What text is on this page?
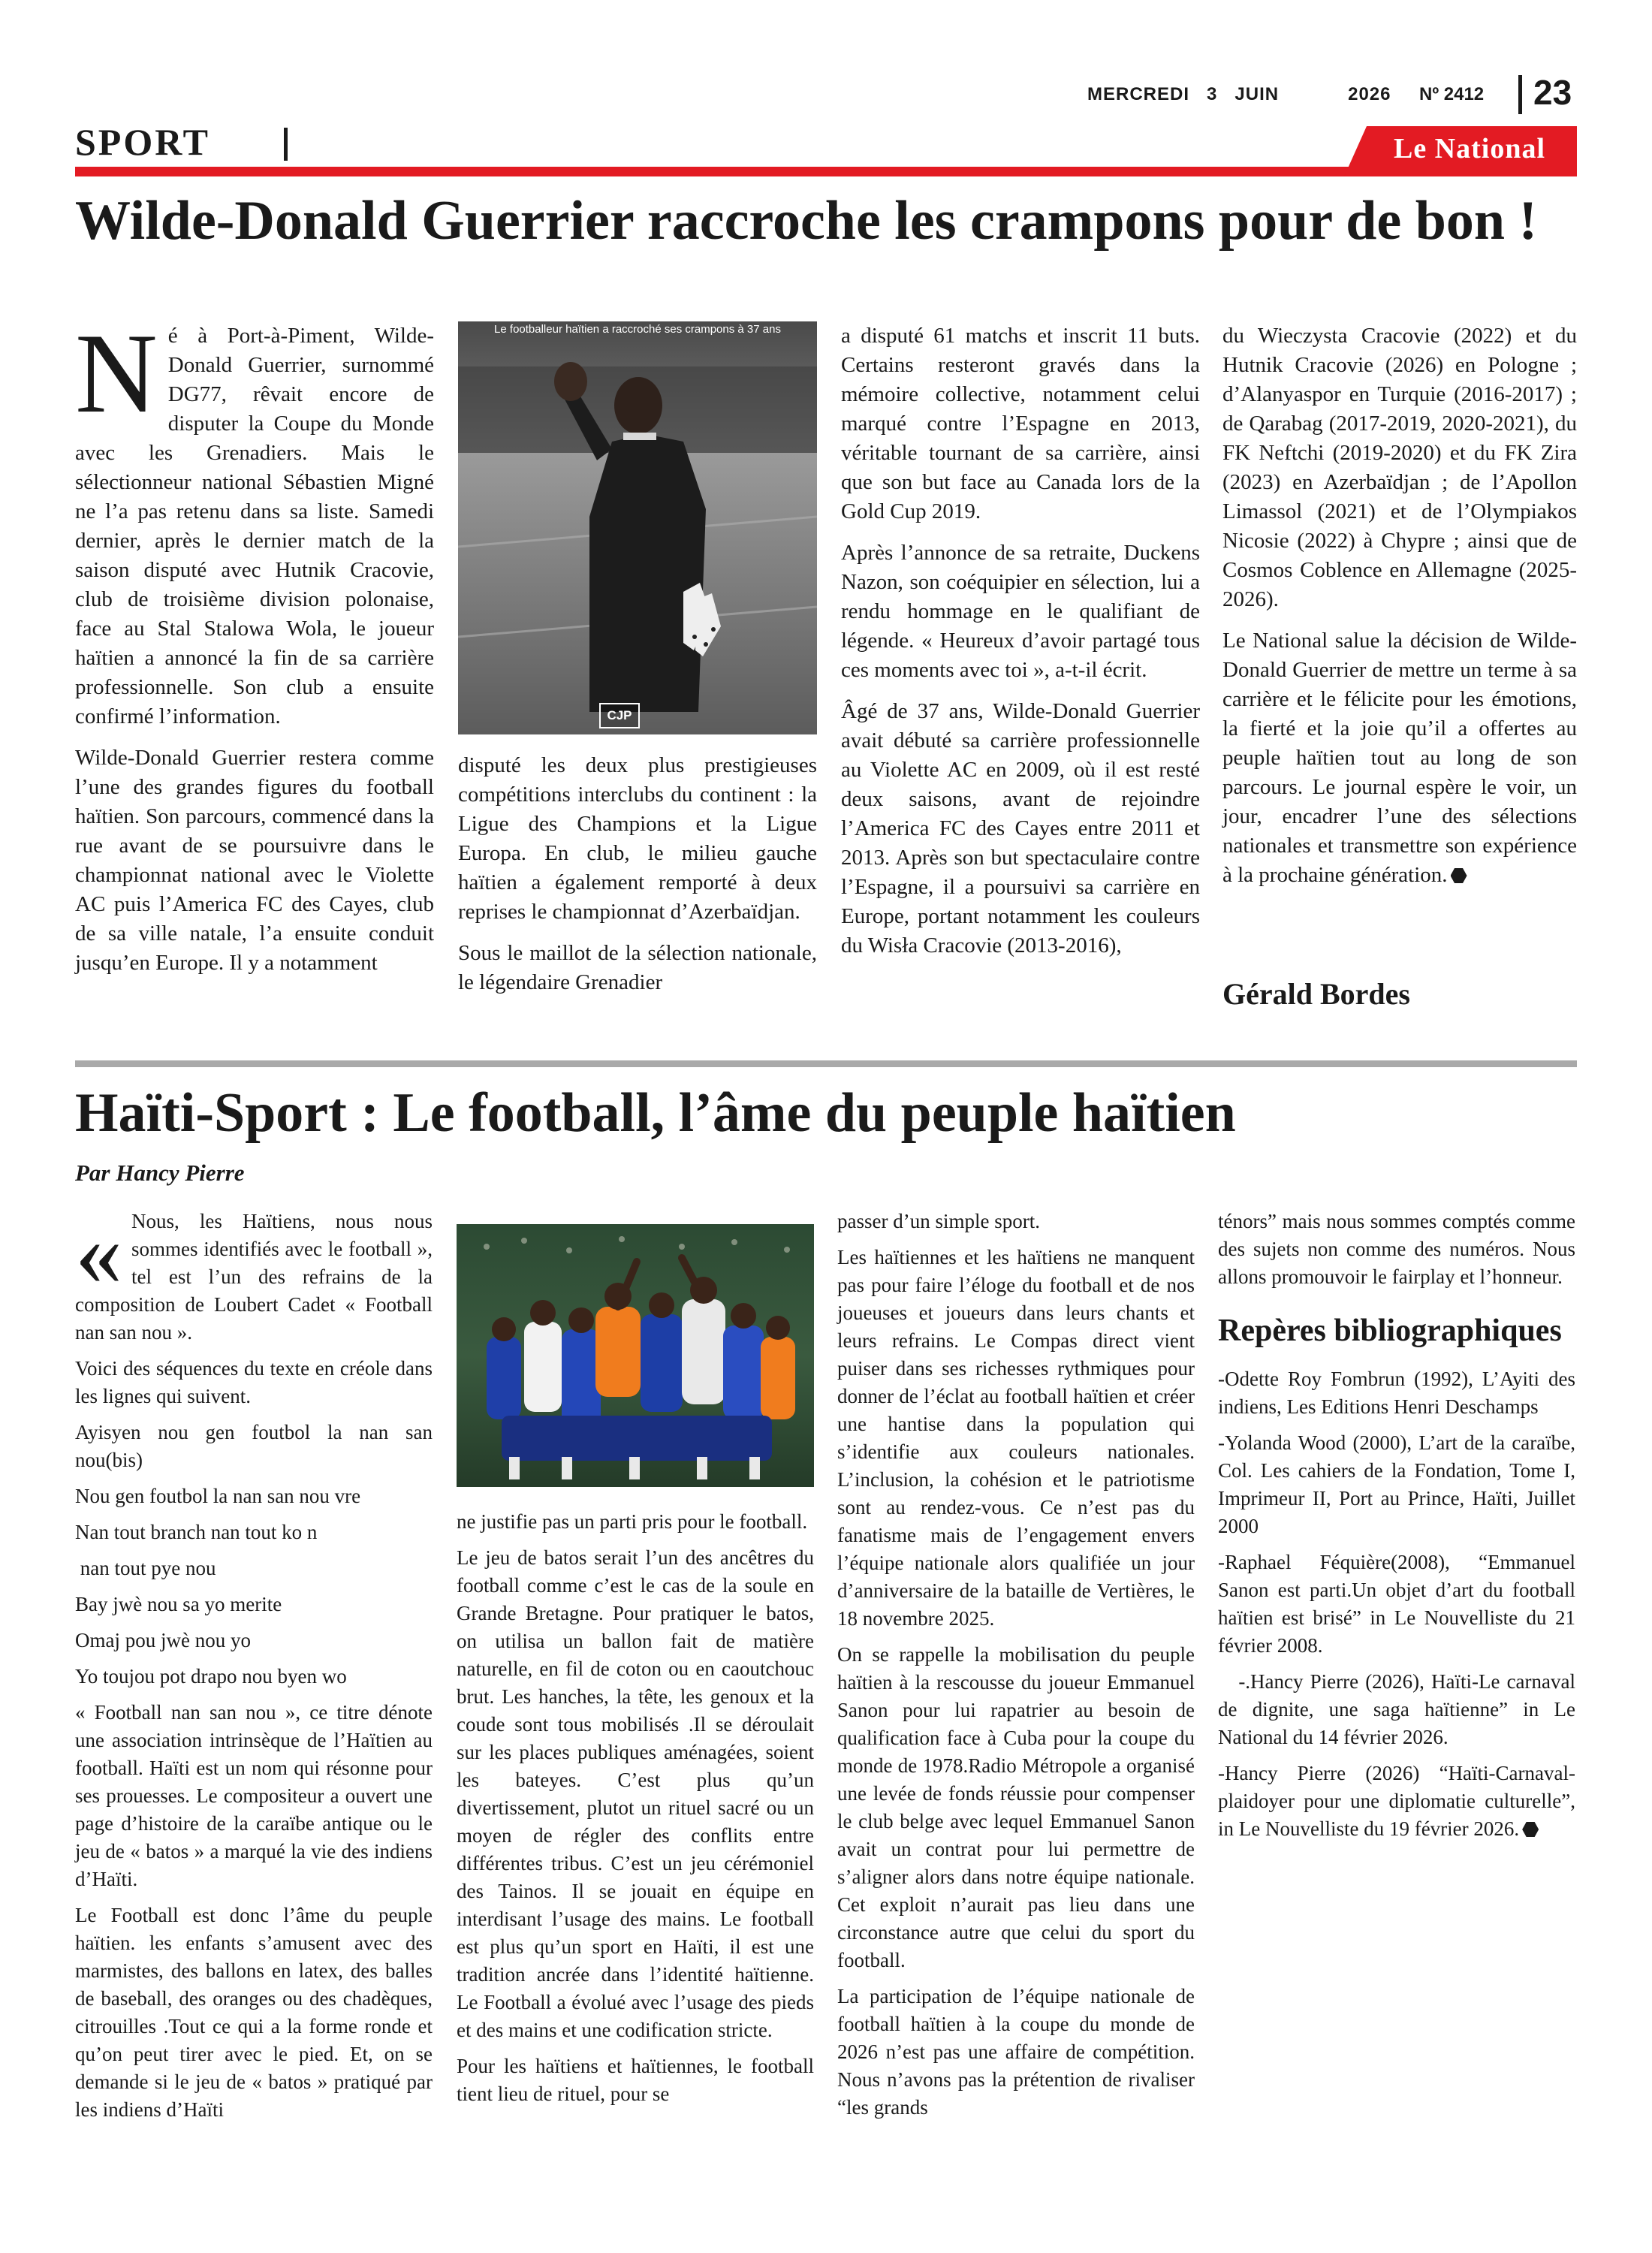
MERCREDI 3 JUIN	2026 Nº 2412 23
SPORT	Le National
Wilde-Donald Guerrier raccroche les crampons pour de bon !

Né à Port-à-Piment, Wilde-Donald Guerrier, surnommé DG77, rêvait encore de disputer la Coupe du Monde avec les Grenadiers. Mais le sélectionneur national Sébastien Migné ne l’a pas retenu dans sa liste. Samedi dernier, après le dernier match de la saison disputé avec Hutnik Cracovie, club de troisième division polonaise, face au Stal Stalowa Wola, le joueur haïtien a annoncé la fin de sa carrière professionnelle. Son club a ensuite confirmé l’information.

Wilde-Donald Guerrier restera comme l’une des grandes figures du football haïtien. Son parcours, commencé dans la rue avant de se poursuivre dans le championnat national avec le Violette AC puis l’America FC des Cayes, club de sa ville natale, l’a ensuite conduit jusqu’en Europe. Il y a notamment

Le footballeur haïtien a raccroché ses crampons à 37 ans
CJP

disputé les deux plus prestigieuses compétitions interclubs du continent : la Ligue des Champions et la Ligue Europa. En club, le milieu gauche haïtien a également remporté à deux reprises le championnat d’Azerbaïdjan.

Sous le maillot de la sélection nationale, le légendaire Grenadier

a disputé 61 matchs et inscrit 11 buts. Certains resteront gravés dans la mémoire collective, notamment celui marqué contre l’Espagne en 2013, véritable tournant de sa carrière, ainsi que son but face au Canada lors de la Gold Cup 2019.

Après l’annonce de sa retraite, Duckens Nazon, son coéquipier en sélection, lui a rendu hommage en le qualifiant de légende. « Heureux d’avoir partagé tous ces moments avec toi », a-t-il écrit.

Âgé de 37 ans, Wilde-Donald Guerrier avait débuté sa carrière professionnelle au Violette AC en 2009, où il est resté deux saisons, avant de rejoindre l’America FC des Cayes entre 2011 et 2013. Après son but spectaculaire contre l’Espagne, il a poursuivi sa carrière en Europe, portant notamment les couleurs du Wisła Cracovie (2013-2016),

du Wieczysta Cracovie (2022) et du Hutnik Cracovie (2026) en Pologne ; d’Alanyaspor en Turquie (2016-2017) ; de Qarabag (2017-2019, 2020-2021), du FK Neftchi (2019-2020) et du FK Zira (2023) en Azerbaïdjan ; de l’Apollon Limassol (2021) et de l’Olympiakos Nicosie (2022) à Chypre ; ainsi que de Cosmos Coblence en Allemagne (2025-2026).

Le National salue la décision de Wilde-Donald Guerrier de mettre un terme à sa carrière et le félicite pour les émotions, la fierté et la joie qu’il a offertes au peuple haïtien tout au long de son parcours. Le journal espère le voir, un jour, encadrer l’une des sélections nationales et transmettre son expérience à la prochaine génération.

Gérald Bordes
Haïti-Sport : Le football, l’âme du peuple haïtien
Par Hancy Pierre

« Nous, les Haïtiens, nous nous sommes identifiés avec le football », tel est l’un des refrains de la composition de Loubert Cadet « Football nan san nou ».

Voici des séquences du texte en créole dans les lignes qui suivent.

Ayisyen nou gen foutbol la nan san nou(bis)

Nou gen foutbol la nan san nou vre

Nan tout branch nan tout ko n

nan tout pye nou

Bay jwè nou sa yo merite

Omaj pou jwè nou yo

Yo toujou pot drapo nou byen wo

« Football nan san nou », ce titre dénote une association intrinsèque de l’Haïtien au football. Haïti est un nom qui résonne pour ses prouesses. Le compositeur a ouvert une page d’histoire de la caraïbe antique ou le jeu de « batos » a marqué la vie des indiens d’Haïti.

Le Football est donc l’âme du peuple haïtien. les enfants s’amusent avec des marmistes, des ballons en latex, des balles de baseball, des oranges ou des chadèques, citrouilles .Tout ce qui a la forme ronde et qu’on peut tirer avec le pied. Et, on se demande si le jeu de « batos » pratiqué par les indiens d’Haïti

ne justifie pas un parti pris pour le football.

Le jeu de batos serait l’un des ancêtres du football comme c’est le cas de la soule en Grande Bretagne. Pour pratiquer le batos, on utilisa un ballon fait de matière naturelle, en fil de coton ou en caoutchouc brut. Les hanches, la tête, les genoux et la coude sont tous mobilisés .Il se déroulait sur les places publiques aménagées, soient les bateyes. C’est plus qu’un divertissement, plutot un rituel sacré ou un moyen de régler des conflits entre différentes tribus. C’est un jeu cérémoniel des Tainos. Il se jouait en équipe en interdisant l’usage des mains. Le football est plus qu’un sport en Haïti, il est une tradition ancrée dans l’identité haïtienne. Le Football a évolué avec l’usage des pieds et des mains et une codification stricte.

Pour les haïtiens et haïtiennes, le football tient lieu de rituel, pour se

passer d’un simple sport.

Les haïtiennes et les haïtiens ne manquent pas pour faire l’éloge du football et de nos joueuses et joueurs dans leurs chants et leurs refrains. Le Compas direct vient puiser dans ses richesses rythmiques pour donner de l’éclat au football haïtien et créer une hantise dans la population qui s’identifie aux couleurs nationales. L’inclusion, la cohésion et le patriotisme sont au rendez-vous. Ce n’est pas du fanatisme mais de l’engagement envers l’équipe nationale alors qualifiée un jour d’anniversaire de la bataille de Vertières, le 18 novembre 2025.

On se rappelle la mobilisation du peuple haïtien à la rescousse du joueur Emmanuel Sanon pour lui rapatrier au besoin de qualification face à Cuba pour la coupe du monde de 1978.Radio Métropole a organisé une levée de fonds réussie pour compenser le club belge avec lequel Emmanuel Sanon avait un contrat pour lui permettre de s’aligner alors dans notre équipe nationale. Cet exploit n’aurait pas lieu dans une circonstance autre que celui du sport du football.

La participation de l’équipe nationale de football haïtien à la coupe du monde de 2026 n’est pas une affaire de compétition. Nous n’avons pas la prétention de rivaliser “les grands

ténors” mais nous sommes comptés comme des sujets non comme des numéros. Nous allons promouvoir le fairplay et l’honneur.

Repères bibliographiques

-Odette Roy Fombrun (1992), L’Ayiti des indiens, Les Editions Henri Deschamps

-Yolanda Wood (2000), L’art de la caraïbe, Col. Les cahiers de la Fondation, Tome I, Imprimeur II, Port au Prince, Haïti, Juillet 2000

-Raphael Féquière(2008), “Emmanuel Sanon est parti.Un objet d’art du football haïtien est brisé” in Le Nouvelliste du 21 février 2008.

-.Hancy Pierre (2026), Haïti-Le carnaval de dignite, une saga haïtienne” in Le National du 14 février 2026.

-Hancy Pierre (2026) “Haïti-Carnaval-plaidoyer pour une diplomatie culturelle”, in Le Nouvelliste du 19 février 2026.
